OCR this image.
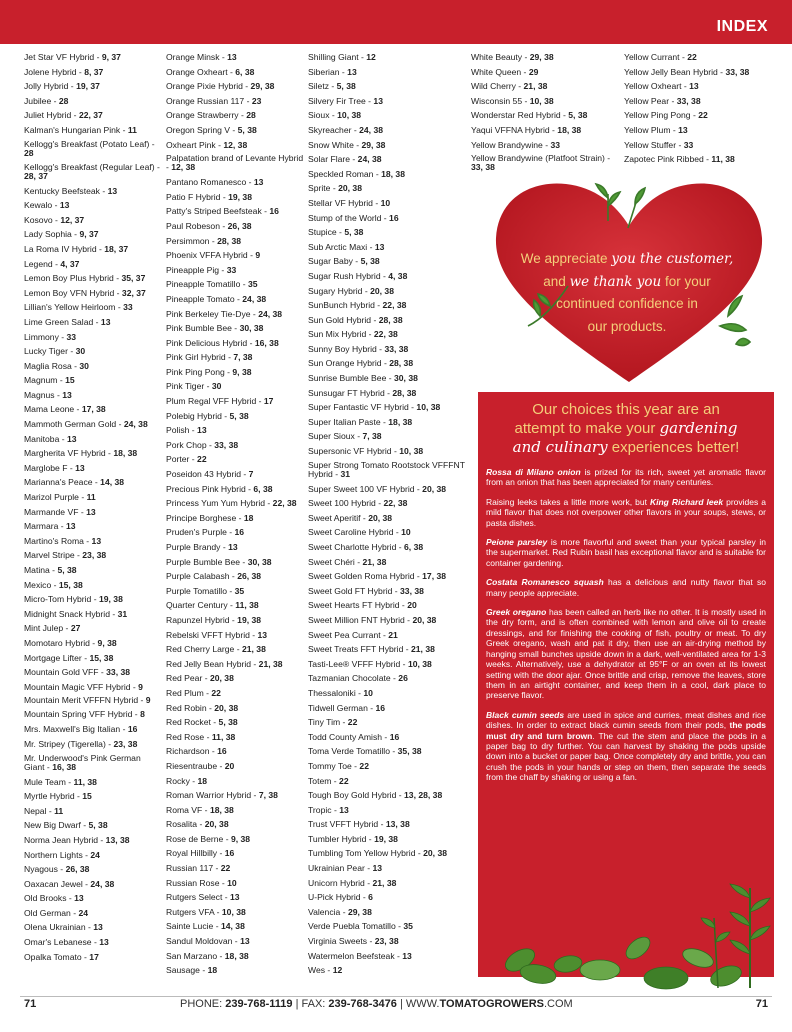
INDEX
Jet Star VF Hybrid - 9, 37
Jolene Hybrid - 8, 37
Jolly Hybrid - 19, 37
Jubilee - 28
Juliet Hybrid - 22, 37
Kalman's Hungarian Pink - 11
Kellogg's Breakfast (Potato Leaf) - 28
Kellogg's Breakfast (Regular Leaf) - 28, 37
Kentucky Beefsteak - 13
Kewalo - 13
Kosovo - 12, 37
Lady Sophia - 9, 37
La Roma IV Hybrid - 18, 37
Legend - 4, 37
Lemon Boy Plus Hybrid - 35, 37
Lemon Boy VFN Hybrid - 32, 37
Lillian's Yellow Heirloom - 33
Lime Green Salad - 13
Limmony - 33
Lucky Tiger - 30
Maglia Rosa - 30
Magnum - 15
Magnus - 13
Mama Leone - 17, 38
Mammoth German Gold - 24, 38
Manitoba - 13
Margherita VF Hybrid - 18, 38
Marglobe F - 13
Marianna's Peace - 14, 38
Marizol Purple - 11
Marmande VF - 13
Marmara - 13
Martino's Roma - 13
Marvel Stripe - 23, 38
Matina - 5, 38
Mexico - 15, 38
Micro-Tom Hybrid - 19, 38
Midnight Snack Hybrid - 31
Mint Julep - 27
Momotaro Hybrid - 9, 38
Mortgage Lifter - 15, 38
Mountain Gold VFF - 33, 38
Mountain Magic VFF Hybrid - 9
Mountain Merit VFFFN Hybrid - 9
Mountain Spring VFF Hybrid - 8
Mrs. Maxwell's Big Italian - 16
Mr. Stripey (Tigerella) - 23, 38
Mr. Underwood's Pink German Giant - 16, 38
Mule Team - 11, 38
Myrtle Hybrid - 15
Nepal - 11
New Big Dwarf - 5, 38
Norma Jean Hybrid - 13, 38
Northern Lights - 24
Nyagous - 26, 38
Oaxacan Jewel - 24, 38
Old Brooks - 13
Old German - 24
Olena Ukrainian - 13
Omar's Lebanese - 13
Opalka Tomato - 17
Orange Minsk - 13
Orange Oxheart - 6, 38
Orange Pixie Hybrid - 29, 38
Orange Russian 117 - 23
Orange Strawberry - 28
Oregon Spring V - 5, 38
Oxheart Pink - 12, 38
Palpatation brand of Levante Hybrid - 12, 38
Pantano Romanesco - 13
Patio F Hybrid - 19, 38
Patty's Striped Beefsteak - 16
Paul Robeson - 26, 38
Persimmon - 28, 38
Phoenix VFFA Hybrid - 9
Pineapple Pig - 33
Pineapple Tomatillo - 35
Pineapple Tomato - 24, 38
Pink Berkeley Tie-Dye - 24, 38
Pink Bumble Bee - 30, 38
Pink Delicious Hybrid - 16, 38
Pink Girl Hybrid - 7, 38
Pink Ping Pong - 9, 38
Pink Tiger - 30
Plum Regal VFF Hybrid - 17
Polebig Hybrid - 5, 38
Polish - 13
Pork Chop - 33, 38
Porter - 22
Poseidon 43 Hybrid - 7
Precious Pink Hybrid - 6, 38
Princess Yum Yum Hybrid - 22, 38
Principe Borghese - 18
Pruden's Purple - 16
Purple Brandy - 13
Purple Bumble Bee - 30, 38
Purple Calabash - 26, 38
Purple Tomatillo - 35
Quarter Century - 11, 38
Rapunzel Hybrid - 19, 38
Rebelski VFFT Hybrid - 13
Red Cherry Large - 21, 38
Red Jelly Bean Hybrid - 21, 38
Red Pear - 20, 38
Red Plum - 22
Red Robin - 20, 38
Red Rocket - 5, 38
Red Rose - 11, 38
Richardson - 16
Riesentraube - 20
Rocky - 18
Roman Warrior Hybrid - 7, 38
Roma VF - 18, 38
Rosalita - 20, 38
Rose de Berne - 9, 38
Royal Hillbilly - 16
Russian 117 - 22
Russian Rose - 10
Rutgers Select - 13
Rutgers VFA - 10, 38
Sainte Lucie - 14, 38
Sandul Moldovan - 13
San Marzano - 18, 38
Sausage - 18
Shilling Giant - 12
Siberian - 13
Siletz - 5, 38
Silvery Fir Tree - 13
Sioux - 10, 38
Skyreacher - 24, 38
Snow White - 29, 38
Solar Flare - 24, 38
Speckled Roman - 18, 38
Sprite - 20, 38
Stellar VF Hybrid - 10
Stump of the World - 16
Stupice - 5, 38
Sub Arctic Maxi - 13
Sugar Baby - 5, 38
Sugar Rush Hybrid - 4, 38
Sugary Hybrid - 20, 38
SunBunch Hybrid - 22, 38
Sun Gold Hybrid - 28, 38
Sun Mix Hybrid - 22, 38
Sunny Boy Hybrid - 33, 38
Sun Orange Hybrid - 28, 38
Sunrise Bumble Bee - 30, 38
Sunsugar FT Hybrid - 28, 38
Super Fantastic VF Hybrid - 10, 38
Super Italian Paste - 18, 38
Super Sioux - 7, 38
Supersonic VF Hybrid - 10, 38
Super Strong Tomato Rootstock VFFFNT Hybrid - 31
Super Sweet 100 VF Hybrid - 20, 38
Sweet 100 Hybrid - 22, 38
Sweet Aperitif - 20, 38
Sweet Caroline Hybrid - 10
Sweet Charlotte Hybrid - 6, 38
Sweet Chéri - 21, 38
Sweet Golden Roma Hybrid - 17, 38
Sweet Gold FT Hybrid - 33, 38
Sweet Hearts FT Hybrid - 20
Sweet Million FNT Hybrid - 20, 38
Sweet Pea Currant - 21
Sweet Treats FFT Hybrid - 21, 38
Tasti-Lee® VFFF Hybrid - 10, 38
Tazmanian Chocolate - 26
Thessaloniki - 10
Tidwell German - 16
Tiny Tim - 22
Todd County Amish - 16
Toma Verde Tomatillo - 35, 38
Tommy Toe - 22
Totem - 22
Tough Boy Gold Hybrid - 13, 28, 38
Tropic - 13
Trust VFFT Hybrid - 13, 38
Tumbler Hybrid - 19, 38
Tumbling Tom Yellow Hybrid - 20, 38
Ukrainian Pear - 13
Unicorn Hybrid - 21, 38
U-Pick Hybrid - 6
Valencia - 29, 38
Verde Puebla Tomatillo - 35
Virginia Sweets - 23, 38
Watermelon Beefsteak - 13
Wes - 12
White Beauty - 29, 38
White Queen - 29
Wild Cherry - 21, 38
Wisconsin 55 - 10, 38
Wonderstar Red Hybrid - 5, 38
Yaqui VFFNA Hybrid - 18, 38
Yellow Brandywine - 33
Yellow Brandywine (Platfoot Strain) - 33, 38
Yellow Currant - 22
Yellow Jelly Bean Hybrid - 33, 38
Yellow Oxheart - 13
Yellow Pear - 33, 38
Yellow Ping Pong - 22
Yellow Plum - 13
Yellow Stuffer - 33
Zapotec Pink Ribbed - 11, 38
We appreciate you the customer,
and we thank you for your
continued confidence in
our products.
Our choices this year are an
attempt to make your gardening
and culinary experiences better!

Rossa di Milano onion is prized for its rich, sweet yet aromatic flavor from an onion that has been appreciated for many centuries.

Raising leeks takes a little more work, but King Richard leek provides a mild flavor that does not overpower other flavors in your soups, stews, or pasta dishes.

Peione parsley is more flavorful and sweet than your typical parsley in the supermarket. Red Rubin basil has exceptional flavor and is suitable for container gardening.

Costata Romanesco squash has a delicious and nutty flavor that so many people appreciate.

Greek oregano has been called an herb like no other. It is mostly used in the dry form, and is often combined with lemon and olive oil to create dressings, and for finishing the cooking of fish, poultry or meat. To dry Greek oregano, wash and pat it dry, then use an air-drying method by hanging small bunches upside down in a dark, well-ventilated area for 1-3 weeks. Alternatively, use a dehydrator at 95°F or an oven at its lowest setting with the door ajar. Once brittle and crisp, remove the leaves, store them in an airtight container, and keep them in a cool, dark place to preserve flavor.

Black cumin seeds are used in spice and curries, meat dishes and rice dishes. In order to extract black cumin seeds from their pods, the pods must dry and turn brown. The cut the stem and place the pods in a paper bag to dry further. You can harvest by shaking the pods upside down into a bucket or paper bag. Once completely dry and brittle, you can crush the pods in your hands or step on them, then separate the seeds from the chaff by shaking or using a fan.

71	PHONE: 239-768-1119 | FAX: 239-768-3476 | WWW.TOMATOGROWERS.COM	71
